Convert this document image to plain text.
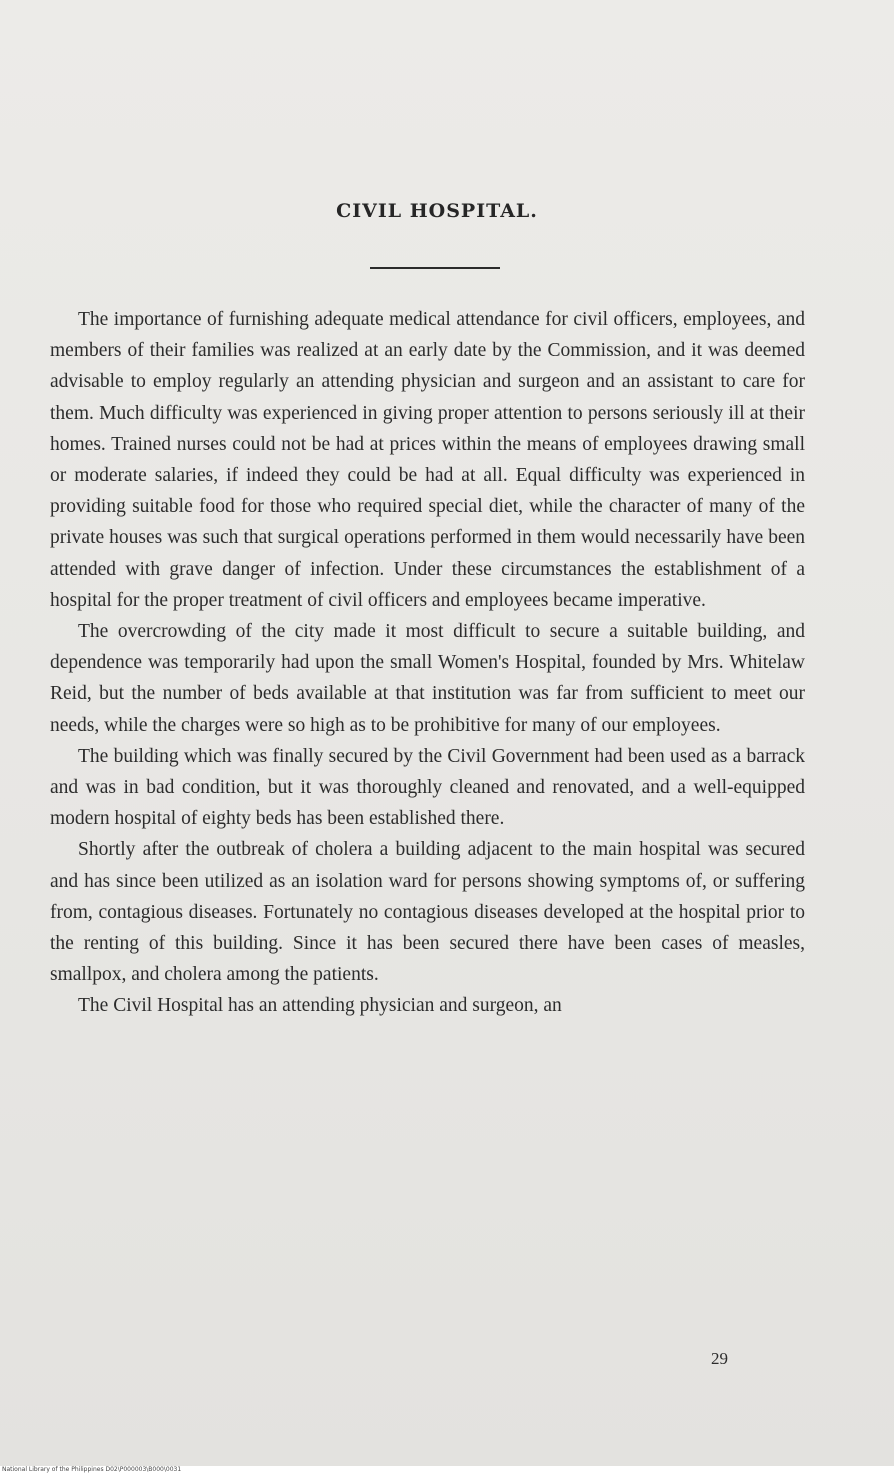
CIVIL HOSPITAL.

The importance of furnishing adequate medical attendance for civil officers, employees, and members of their families was realized at an early date by the Commission, and it was deemed advisable to employ regularly an attending physician and surgeon and an assistant to care for them. Much difficulty was experienced in giving proper attention to persons seriously ill at their homes. Trained nurses could not be had at prices within the means of employees drawing small or moderate salaries, if indeed they could be had at all. Equal difficulty was experienced in providing suitable food for those who required special diet, while the character of many of the private houses was such that surgical operations performed in them would necessarily have been attended with grave danger of infection. Under these circumstances the establishment of a hospital for the proper treatment of civil officers and employees became imperative.

The overcrowding of the city made it most difficult to secure a suitable building, and dependence was temporarily had upon the small Women's Hospital, founded by Mrs. Whitelaw Reid, but the number of beds available at that institution was far from sufficient to meet our needs, while the charges were so high as to be prohibitive for many of our employees.

The building which was finally secured by the Civil Government had been used as a barrack and was in bad condition, but it was thoroughly cleaned and renovated, and a well-equipped modern hospital of eighty beds has been established there.

Shortly after the outbreak of cholera a building adjacent to the main hospital was secured and has since been utilized as an isolation ward for persons showing symptoms of, or suffering from, contagious diseases. Fortunately no contagious diseases developed at the hospital prior to the renting of this building. Since it has been secured there have been cases of measles, smallpox, and cholera among the patients.

The Civil Hospital has an attending physician and surgeon, an

29
National Library of the Philippines D02\P000003\B000\0031
